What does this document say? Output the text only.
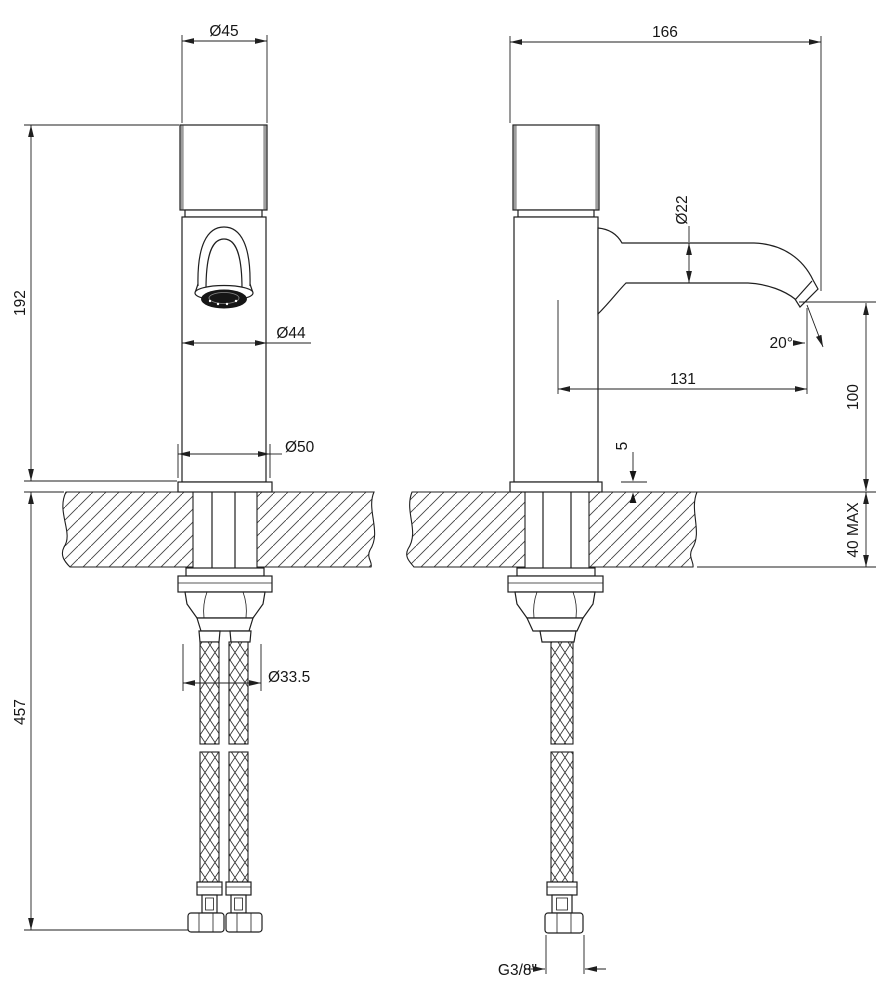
Ø45
192
Ø44
Ø50
Ø33.5
457
166
Ø22
131
20°
100
40 MAX
5
G3/8"
